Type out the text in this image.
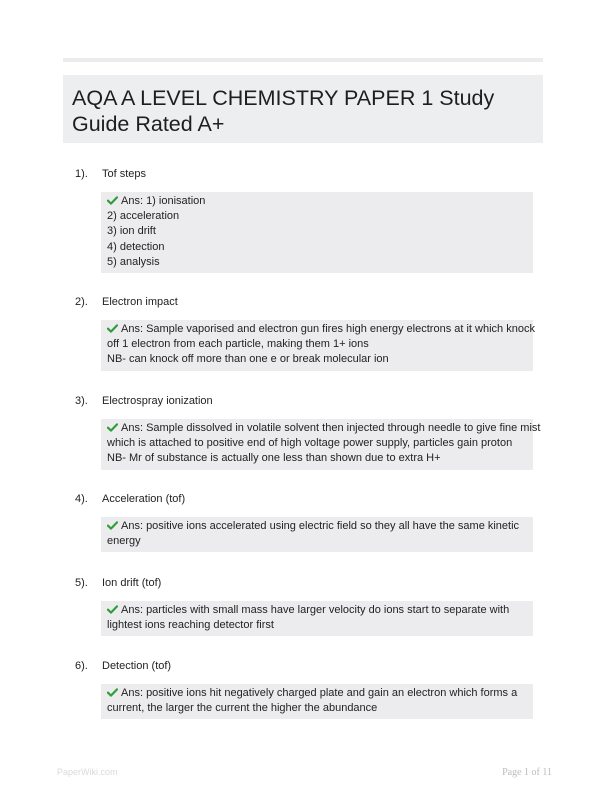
AQA A LEVEL CHEMISTRY PAPER 1 Study Guide Rated A+
1). Tof steps
Ans: 1) ionisation
2) acceleration
3) ion drift
4) detection
5) analysis
2). Electron impact
Ans: Sample vaporised and electron gun fires high energy electrons at it which knock
off 1 electron from each particle, making them 1+ ions
NB- can knock off more than one e or break molecular ion
3). Electrospray ionization
Ans: Sample dissolved in volatile solvent then injected through needle to give fine mist
which is attached to positive end of high voltage power supply, particles gain proton
NB- Mr of substance is actually one less than shown due to extra H+
4). Acceleration (tof)
Ans: positive ions accelerated using electric field so they all have the same kinetic
energy
5). Ion drift (tof)
Ans: particles with small mass have larger velocity do ions start to separate with
lightest ions reaching detector first
6). Detection (tof)
Ans: positive ions hit negatively charged plate and gain an electron which forms a
current, the larger the current the higher the abundance
PaperWiki.com	Page 1 of 11
